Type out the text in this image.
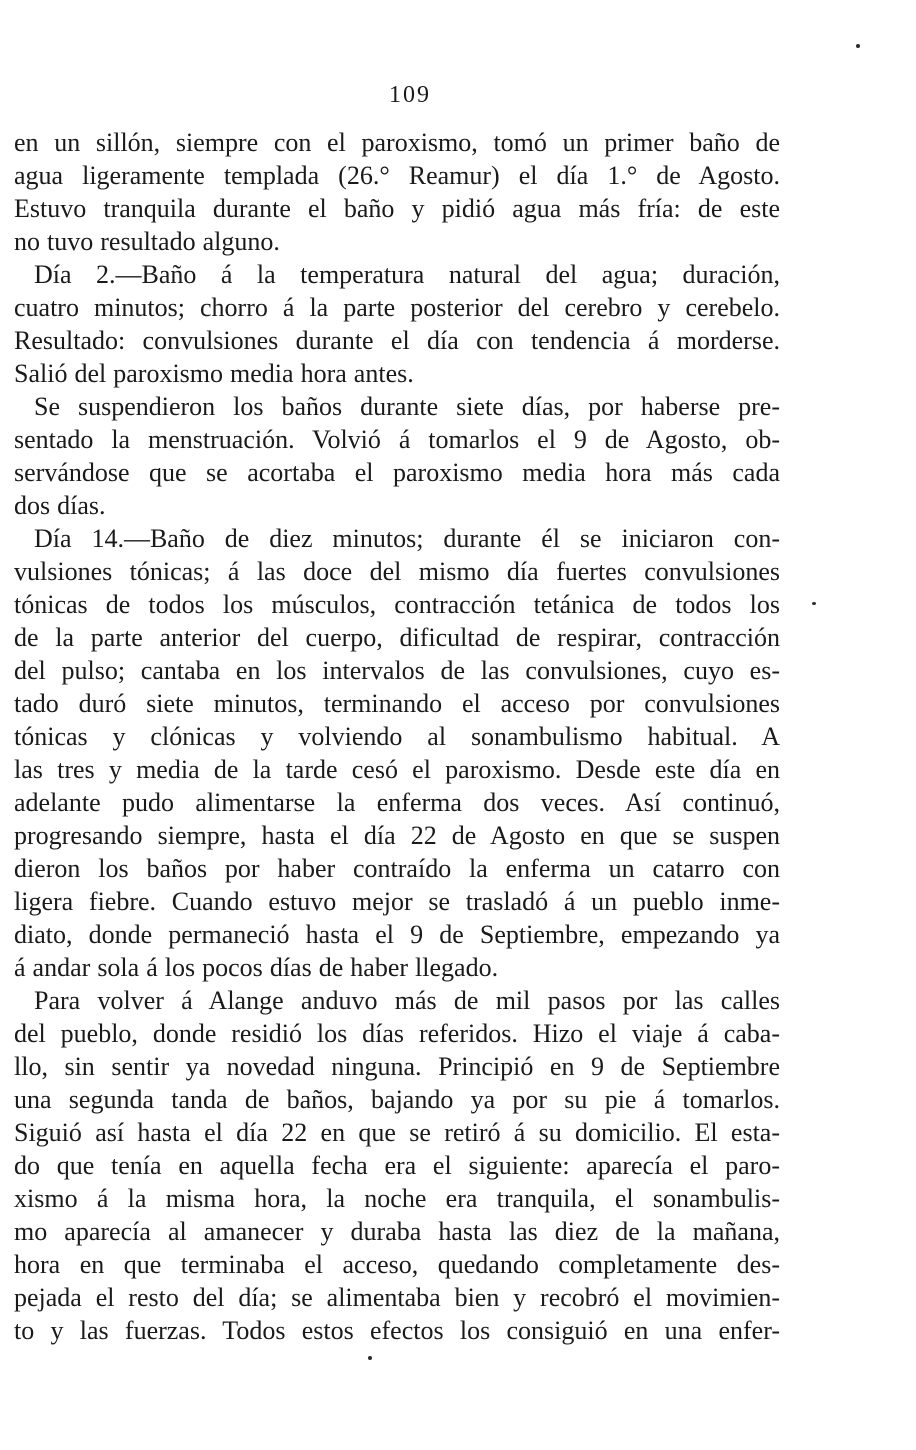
109
en un sillón, siempre con el paroxismo, tomó un primer baño de
agua ligeramente templada (26.° Reamur) el día 1.° de Agosto.
Estuvo tranquila durante el baño y pidió agua más fría: de este
no tuvo resultado alguno.
Día 2.—Baño á la temperatura natural del agua; duración,
cuatro minutos; chorro á la parte posterior del cerebro y cerebelo.
Resultado: convulsiones durante el día con tendencia á morderse.
Salió del paroxismo media hora antes.
Se suspendieron los baños durante siete días, por haberse pre-
sentado la menstruación. Volvió á tomarlos el 9 de Agosto, ob-
servándose que se acortaba el paroxismo media hora más cada
dos días.
Día 14.—Baño de diez minutos; durante él se iniciaron con-
vulsiones tónicas; á las doce del mismo día fuertes convulsiones
tónicas de todos los músculos, contracción tetánica de todos los
de la parte anterior del cuerpo, dificultad de respirar, contracción
del pulso; cantaba en los intervalos de las convulsiones, cuyo es-
tado duró siete minutos, terminando el acceso por convulsiones
tónicas y clónicas y volviendo al sonambulismo habitual. A
las tres y media de la tarde cesó el paroxismo. Desde este día en
adelante pudo alimentarse la enferma dos veces. Así continuó,
progresando siempre, hasta el día 22 de Agosto en que se suspen
dieron los baños por haber contraído la enferma un catarro con
ligera fiebre. Cuando estuvo mejor se trasladó á un pueblo inme-
diato, donde permaneció hasta el 9 de Septiembre, empezando ya
á andar sola á los pocos días de haber llegado.
Para volver á Alange anduvo más de mil pasos por las calles
del pueblo, donde residió los días referidos. Hizo el viaje á caba-
llo, sin sentir ya novedad ninguna. Principió en 9 de Septiembre
una segunda tanda de baños, bajando ya por su pie á tomarlos.
Siguió así hasta el día 22 en que se retiró á su domicilio. El esta-
do que tenía en aquella fecha era el siguiente: aparecía el paro-
xismo á la misma hora, la noche era tranquila, el sonambulis-
mo aparecía al amanecer y duraba hasta las diez de la mañana,
hora en que terminaba el acceso, quedando completamente des-
pejada el resto del día; se alimentaba bien y recobró el movimien-
to y las fuerzas. Todos estos efectos los consiguió en una enfer-
